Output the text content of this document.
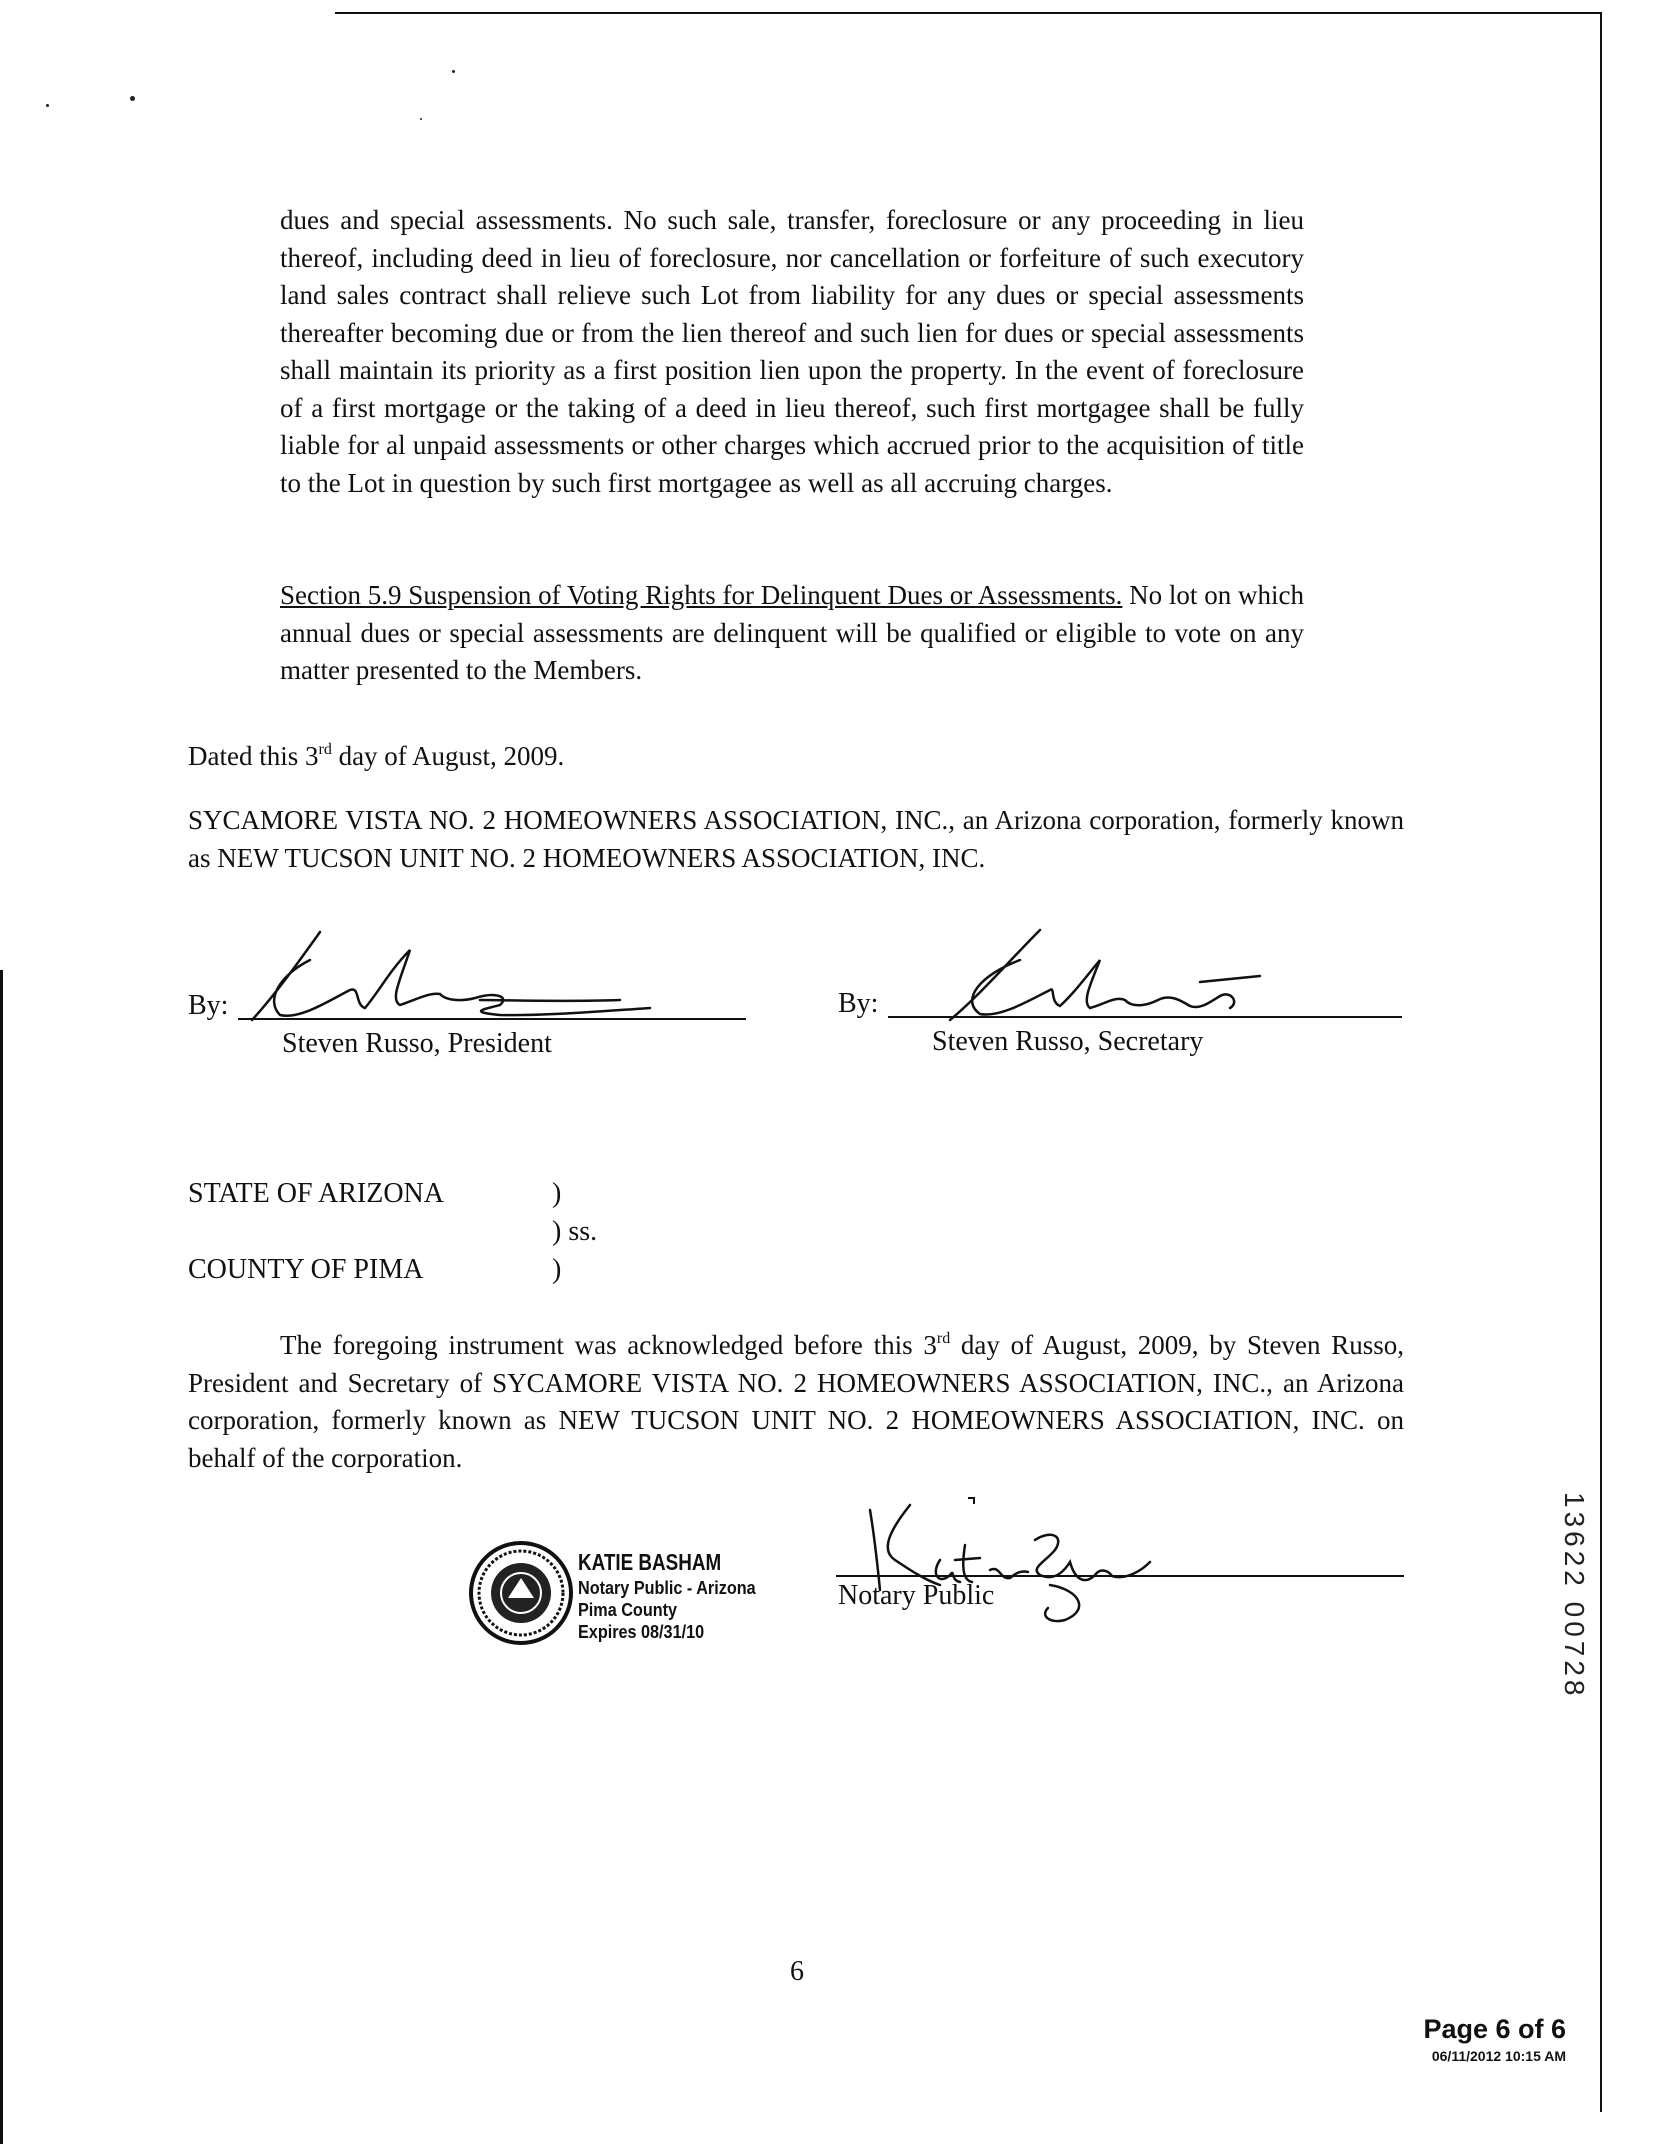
dues and special assessments. No such sale, transfer, foreclosure or any proceeding in lieu thereof, including deed in lieu of foreclosure, nor cancellation or forfeiture of such executory land sales contract shall relieve such Lot from liability for any dues or special assessments thereafter becoming due or from the lien thereof and such lien for dues or special assessments shall maintain its priority as a first position lien upon the property. In the event of foreclosure of a first mortgage or the taking of a deed in lieu thereof, such first mortgagee shall be fully liable for al unpaid assessments or other charges which accrued prior to the acquisition of title to the Lot in question by such first mortgagee as well as all accruing charges.
Section 5.9 Suspension of Voting Rights for Delinquent Dues or Assessments. No lot on which annual dues or special assessments are delinquent will be qualified or eligible to vote on any matter presented to the Members.
Dated this 3rd day of August, 2009.
SYCAMORE VISTA NO. 2 HOMEOWNERS ASSOCIATION, INC., an Arizona corporation, formerly known as NEW TUCSON UNIT NO. 2 HOMEOWNERS ASSOCIATION, INC.
By:
Steven Russo, President
By:
Steven Russo, Secretary
STATE OF ARIZONA	)
) ss.
COUNTY OF PIMA	)
The foregoing instrument was acknowledged before this 3rd day of August, 2009, by Steven Russo, President and Secretary of SYCAMORE VISTA NO. 2 HOMEOWNERS ASSOCIATION, INC., an Arizona corporation, formerly known as NEW TUCSON UNIT NO. 2 HOMEOWNERS ASSOCIATION, INC. on behalf of the corporation.
KATIE BASHAM
Notary Public - Arizona
Pima County
Expires 08/31/10
Notary Public	13622 00728
6
Page 6 of 6
06/11/2012 10:15 AM
